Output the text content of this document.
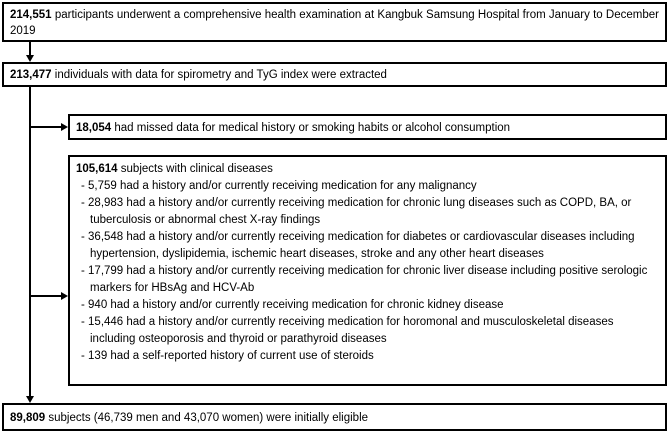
214,551 participants underwent a comprehensive health examination at Kangbuk Samsung Hospital from January to December 2019
213,477 individuals with data for spirometry and TyG index were extracted
18,054 had missed data for medical history or smoking habits or alcohol consumption
105,614 subjects with clinical diseases
- 5,759 had a history and/or currently receiving medication for any malignancy
- 28,983 had a history and/or currently receiving medication for chronic lung diseases such as COPD, BA, or tuberculosis or abnormal chest X-ray findings
- 36,548 had a history and/or currently receiving medication for diabetes or cardiovascular diseases including hypertension, dyslipidemia, ischemic heart diseases, stroke and any other heart diseases
- 17,799 had a history and/or currently receiving medication for chronic liver disease including positive serologic markers for HBsAg and HCV-Ab
- 940 had a history and/or currently receiving medication for chronic kidney disease
- 15,446 had a history and/or currently receiving medication for horomonal and musculoskeletal diseases including osteoporosis and thyroid or parathyroid diseases
- 139 had a self-reported history of current use of steroids
89,809 subjects (46,739 men and 43,070 women) were initially eligible
